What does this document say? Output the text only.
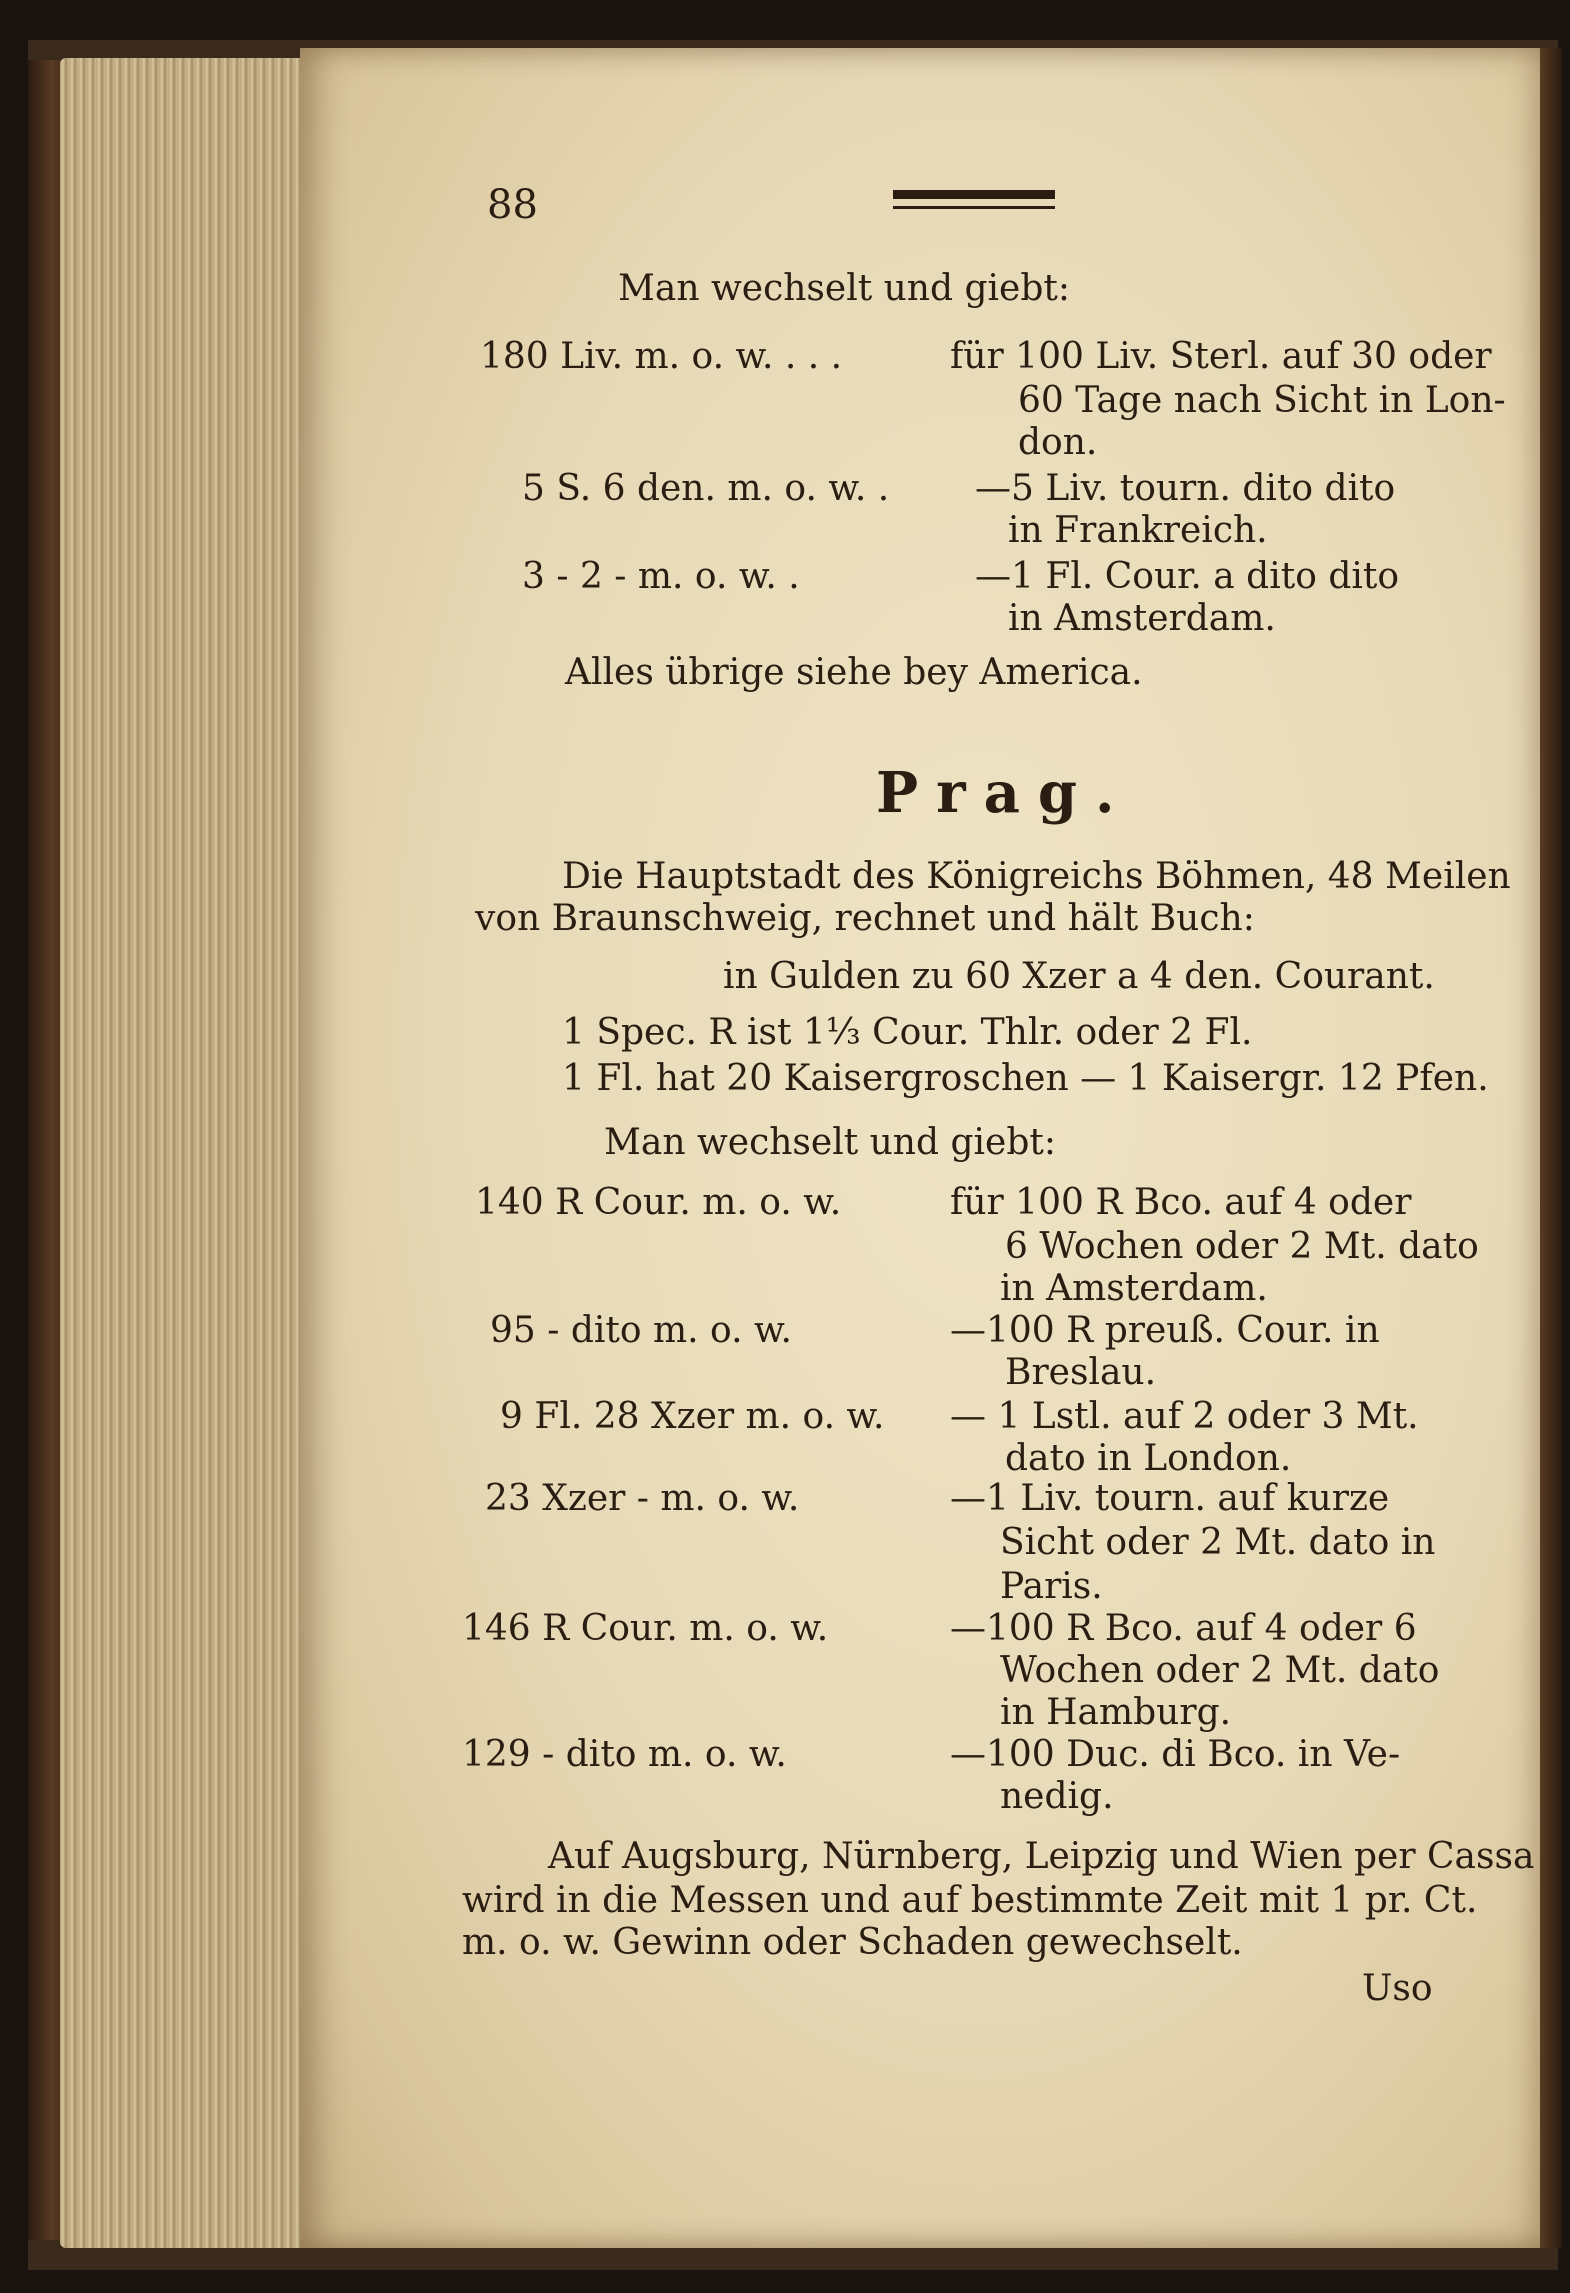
88
Man wechselt und giebt:
180 Liv. m. o. w. . . .	für 100 Liv. Sterl. auf 30 oder
60 Tage nach Sicht in Lon-
don.
5 S. 6 den. m. o. w. . —5 Liv. tourn. dito dito
in Frankreich.
3 - 2 - m. o. w. .	—1 Fl. Cour. a dito dito
in Amsterdam.
Alles übrige siehe bey America.
Prag.
Die Hauptstadt des Königreichs Böhmen, 48 Meilen
von Braunschweig, rechnet und hält Buch:
in Gulden zu 60 Xzer a 4 den. Courant.
1 Spec. R ist 1⅓ Cour. Thlr. oder 2 Fl.
1 Fl. hat 20 Kaisergroschen — 1 Kaisergr. 12 Pfen.
Man wechselt und giebt:
140 R Cour. m. o. w.	für 100 R Bco. auf 4 oder
6 Wochen oder 2 Mt. dato
in Amsterdam.
95 - dito m. o. w.	—100 R preuß. Cour. in
Breslau.
9 Fl. 28 Xzer m. o. w. — 1 Lstl. auf 2 oder 3 Mt.
dato in London.
23 Xzer - m. o. w.	—1 Liv. tourn. auf kurze
Sicht oder 2 Mt. dato in
Paris.
146 R Cour. m. o. w.	—100 R Bco. auf 4 oder 6
Wochen oder 2 Mt. dato
in Hamburg.
129 - dito m. o. w.	—100 Duc. di Bco. in Ve-
nedig.
Auf Augsburg, Nürnberg, Leipzig und Wien per Cassa
wird in die Messen und auf bestimmte Zeit mit 1 pr. Ct.
m. o. w. Gewinn oder Schaden gewechselt.
Uso
